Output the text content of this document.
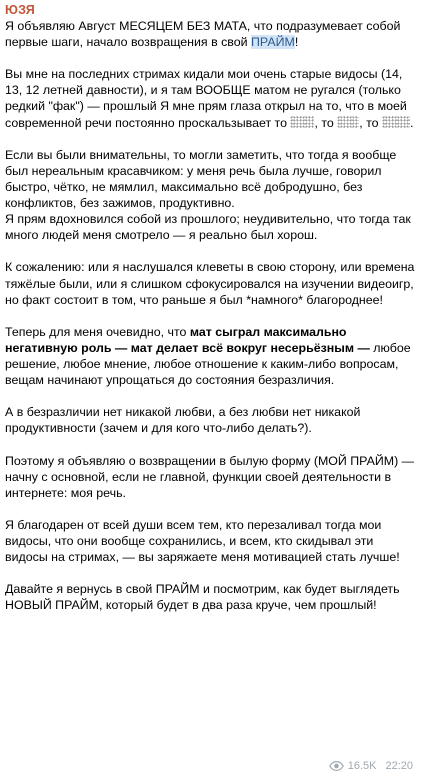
ЮЗЯ
Я объявляю Август МЕСЯЦЕМ БЕЗ МАТА, что подразумевает собой первые шаги, начало возвращения в свой ПРАЙМ!
Вы мне на последних стримах кидали мои очень старые видосы (14, 13, 12 летней давности), и я там ВООБЩЕ матом не ругался (только редкий "фак") — прошлый Я мне прям глаза открыл на то, что в моей современной речи постоянно проскальзывает то , то , то .
Если вы были внимательны, то могли заметить, что тогда я вообще был нереальным красавчиком: у меня речь была лучше, говорил быстро, чётко, не мямлил, максимально всё добродушно, без конфликтов, без зажимов, продуктивно.
Я прям вдохновился собой из прошлого; неудивительно, что тогда так много людей меня смотрело — я реально был хорош.
К сожалению: или я наслушался клеветы в свою сторону, или времена тяжёлые были, или я слишком сфокусировался на изучении видеоигр, но факт состоит в том, что раньше я был *намного* благороднее!
Теперь для меня очевидно, что мат сыграл максимально негативную роль — мат делает всё вокруг несерьёзным — любое решение, любое мнение, любое отношение к каким-либо вопросам, вещам начинают упрощаться до состояния безразличия.
А в безразличии нет никакой любви, а без любви нет никакой продуктивности (зачем и для кого что-либо делать?).
Поэтому я объявляю о возвращении в былую форму (МОЙ ПРАЙМ) — начну с основной, если не главной, функции своей деятельности в интернете: моя речь.
Я благодарен от всей души всем тем, кто перезаливал тогда мои видосы, что они вообще сохранились, и всем, кто скидывал эти видосы на стримах, — вы заряжаете меня мотивацией стать лучше!
Давайте я вернусь в свой ПРАЙМ и посмотрим, как будет выглядеть НОВЫЙ ПРАЙМ, который будет в два раза круче, чем прошлый!
16.5K 22:20
